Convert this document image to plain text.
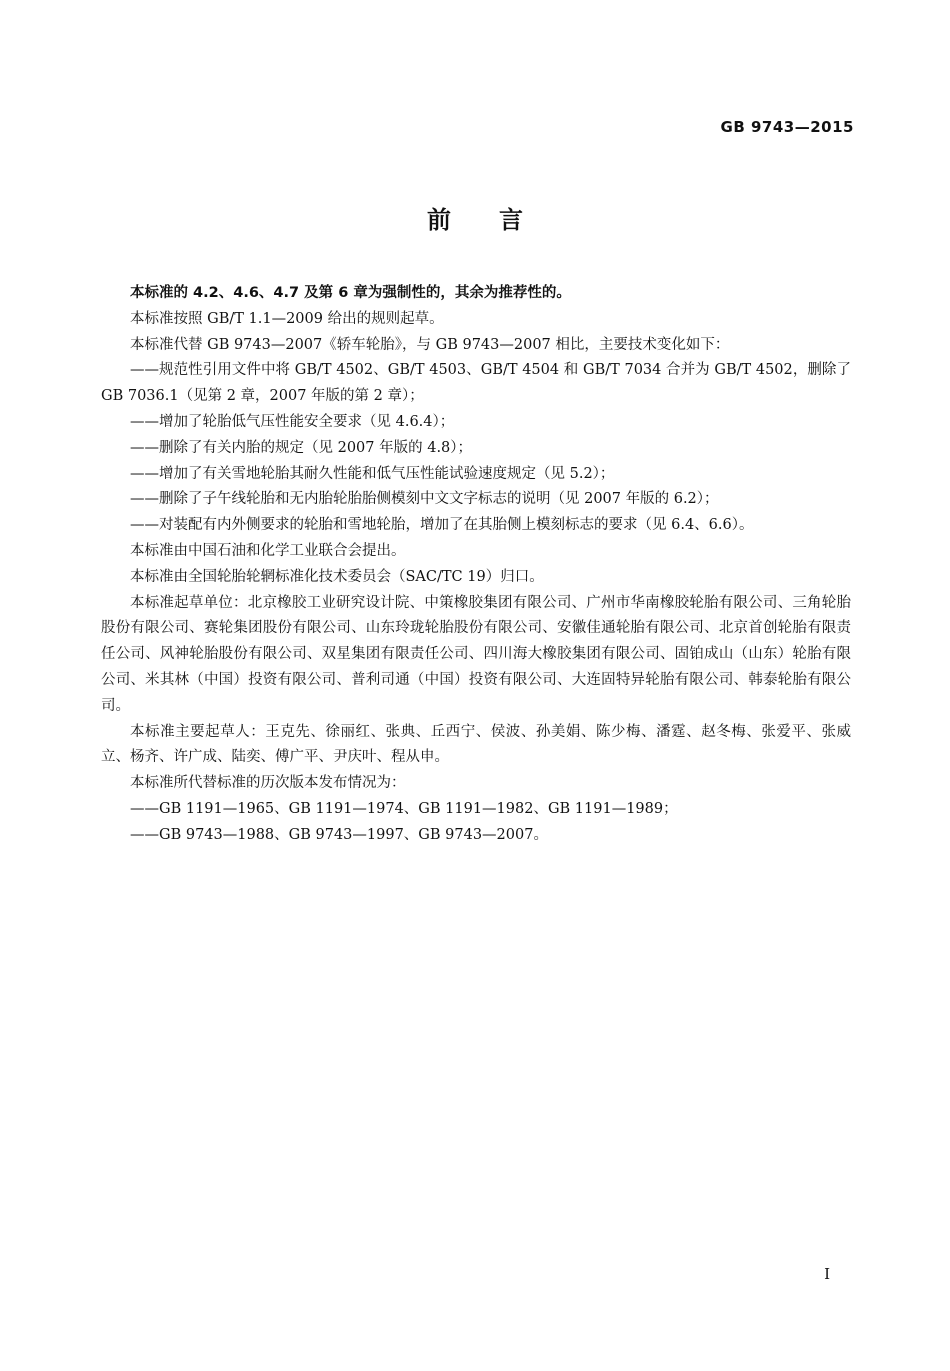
GB 9743—2015
前言

本标准的 4.2、4.6、4.7 及第 6 章为强制性的，其余为推荐性的。

本标准按照 GB/T 1.1—2009 给出的规则起草。

本标准代替 GB 9743—2007《轿车轮胎》，与 GB 9743—2007 相比，主要技术变化如下：

——规范性引用文件中将 GB/T 4502、GB/T 4503、GB/T 4504 和 GB/T 7034 合并为 GB/T 4502，删除了 GB 7036.1（见第 2 章，2007 年版的第 2 章）；

——增加了轮胎低气压性能安全要求（见 4.6.4）；

——删除了有关内胎的规定（见 2007 年版的 4.8）；

——增加了有关雪地轮胎其耐久性能和低气压性能试验速度规定（见 5.2）；

——删除了子午线轮胎和无内胎轮胎胎侧模刻中文文字标志的说明（见 2007 年版的 6.2）；

——对装配有内外侧要求的轮胎和雪地轮胎，增加了在其胎侧上模刻标志的要求（见 6.4、6.6）。

本标准由中国石油和化学工业联合会提出。

本标准由全国轮胎轮辋标准化技术委员会（SAC/TC 19）归口。

本标准起草单位：北京橡胶工业研究设计院、中策橡胶集团有限公司、广州市华南橡胶轮胎有限公司、三角轮胎股份有限公司、赛轮集团股份有限公司、山东玲珑轮胎股份有限公司、安徽佳通轮胎有限公司、北京首创轮胎有限责任公司、风神轮胎股份有限公司、双星集团有限责任公司、四川海大橡胶集团有限公司、固铂成山（山东）轮胎有限公司、米其林（中国）投资有限公司、普利司通（中国）投资有限公司、大连固特异轮胎有限公司、韩泰轮胎有限公司。

本标准主要起草人：王克先、徐丽红、张典、丘西宁、侯波、孙美娟、陈少梅、潘霆、赵冬梅、张爱平、张威立、杨齐、许广成、陆奕、傅广平、尹庆叶、程从申。

本标准所代替标准的历次版本发布情况为：

——GB 1191—1965、GB 1191—1974、GB 1191—1982、GB 1191—1989；

——GB 9743—1988、GB 9743—1997、GB 9743—2007。

I
